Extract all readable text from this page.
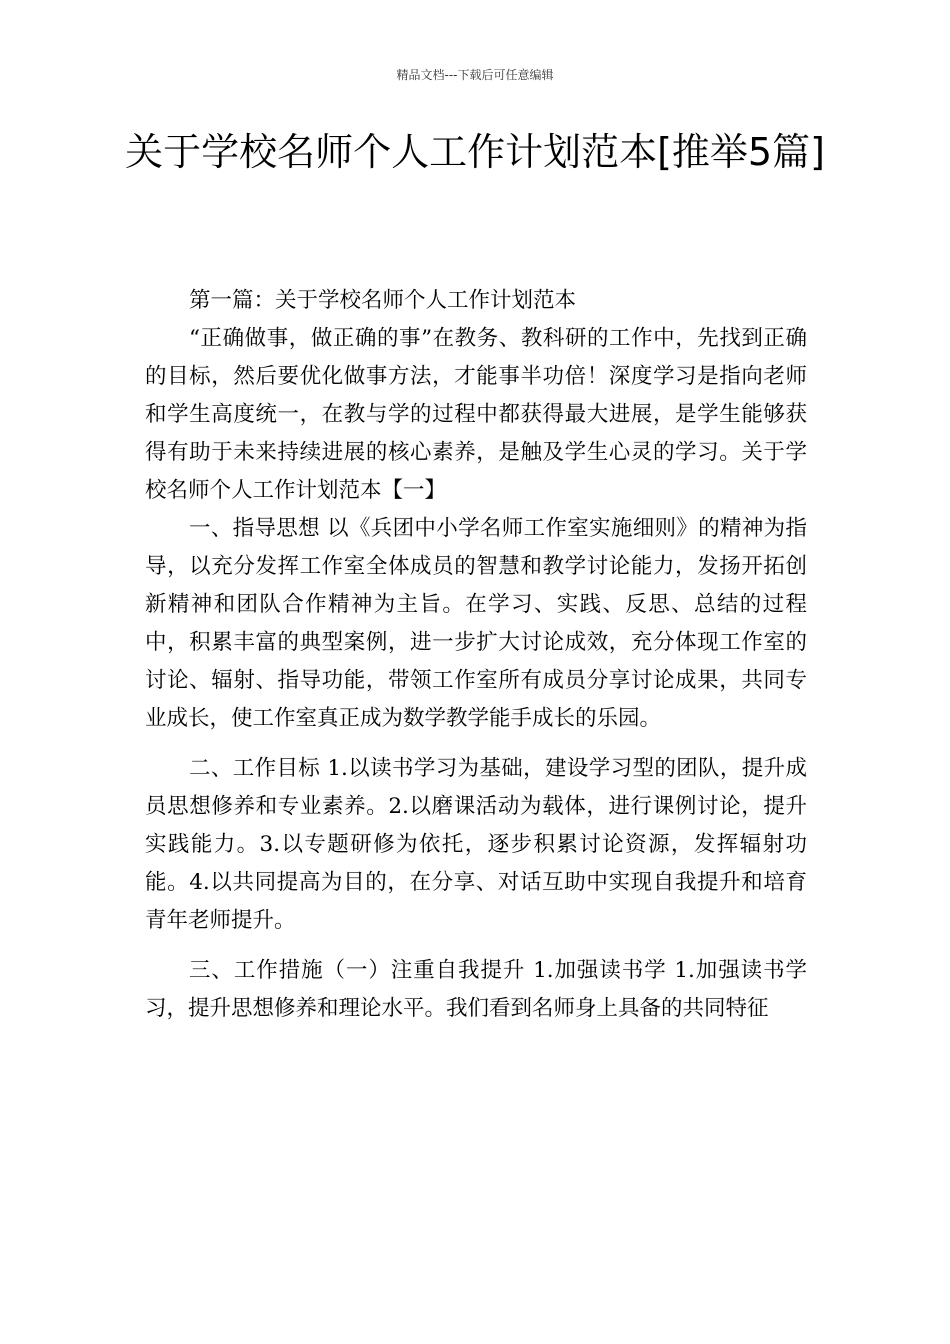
精品文档---下载后可任意编辑
关于学校名师个人工作计划范本[推举5篇]

第一篇：关于学校名师个人工作计划范本

“正确做事，做正确的事”在教务、教科研的工作中，先找到正确的目标，然后要优化做事方法，才能事半功倍！深度学习是指向老师和学生高度统一，在教与学的过程中都获得最大进展，是学生能够获得有助于未来持续进展的核心素养，是触及学生心灵的学习。关于学校名师个人工作计划范本【一】

一、指导思想 以《兵团中小学名师工作室实施细则》的精神为指导，以充分发挥工作室全体成员的智慧和教学讨论能力，发扬开拓创新精神和团队合作精神为主旨。在学习、实践、反思、总结的过程中，积累丰富的典型案例，进一步扩大讨论成效，充分体现工作室的讨论、辐射、指导功能，带领工作室所有成员分享讨论成果，共同专业成长，使工作室真正成为数学教学能手成长的乐园。

二、工作目标 1.以读书学习为基础，建设学习型的团队，提升成员思想修养和专业素养。2.以磨课活动为载体，进行课例讨论，提升实践能力。3.以专题研修为依托，逐步积累讨论资源，发挥辐射功能。4.以共同提高为目的，在分享、对话互助中实现自我提升和培育青年老师提升。

三、工作措施（一）注重自我提升 1.加强读书学 1.加强读书学习，提升思想修养和理论水平。我们看到名师身上具备的共同特征
